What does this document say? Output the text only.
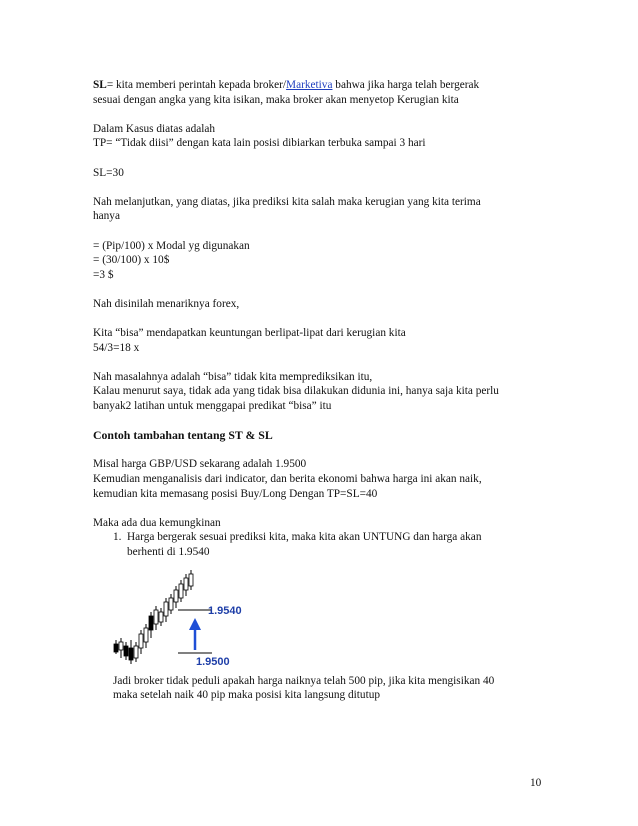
SL= kita memberi perintah kepada broker/Marketiva bahwa jika harga telah bergerak
sesuai dengan angka yang kita isikan, maka broker akan menyetop Kerugian kita
Dalam Kasus diatas adalah
TP= “Tidak diisi” dengan kata lain posisi dibiarkan terbuka sampai 3 hari
SL=30
Nah melanjutkan, yang diatas, jika prediksi kita salah maka kerugian yang kita terima
hanya
= (Pip/100) x Modal yg digunakan
= (30/100) x 10$
=3 $
Nah disinilah menariknya forex,
Kita “bisa” mendapatkan keuntungan berlipat-lipat dari kerugian kita
54/3=18 x
Nah masalahnya adalah “bisa” tidak kita memprediksikan itu,
Kalau menurut saya, tidak ada yang tidak bisa dilakukan didunia ini, hanya saja kita perlu
banyak2 latihan untuk menggapai predikat “bisa” itu
Contoh tambahan tentang ST & SL
Misal harga GBP/USD sekarang adalah 1.9500
Kemudian menganalisis dari indicator, dan berita ekonomi bahwa harga ini akan naik,
kemudian kita memasang posisi Buy/Long Dengan TP=SL=40
Maka ada dua kemungkinan
1. Harga bergerak sesuai prediksi kita, maka kita akan UNTUNG dan harga akan
berhenti di 1.9540
1.9540
1.9500
Jadi broker tidak peduli apakah harga naiknya telah 500 pip, jika kita mengisikan 40
maka setelah naik 40 pip maka posisi kita langsung ditutup
10
